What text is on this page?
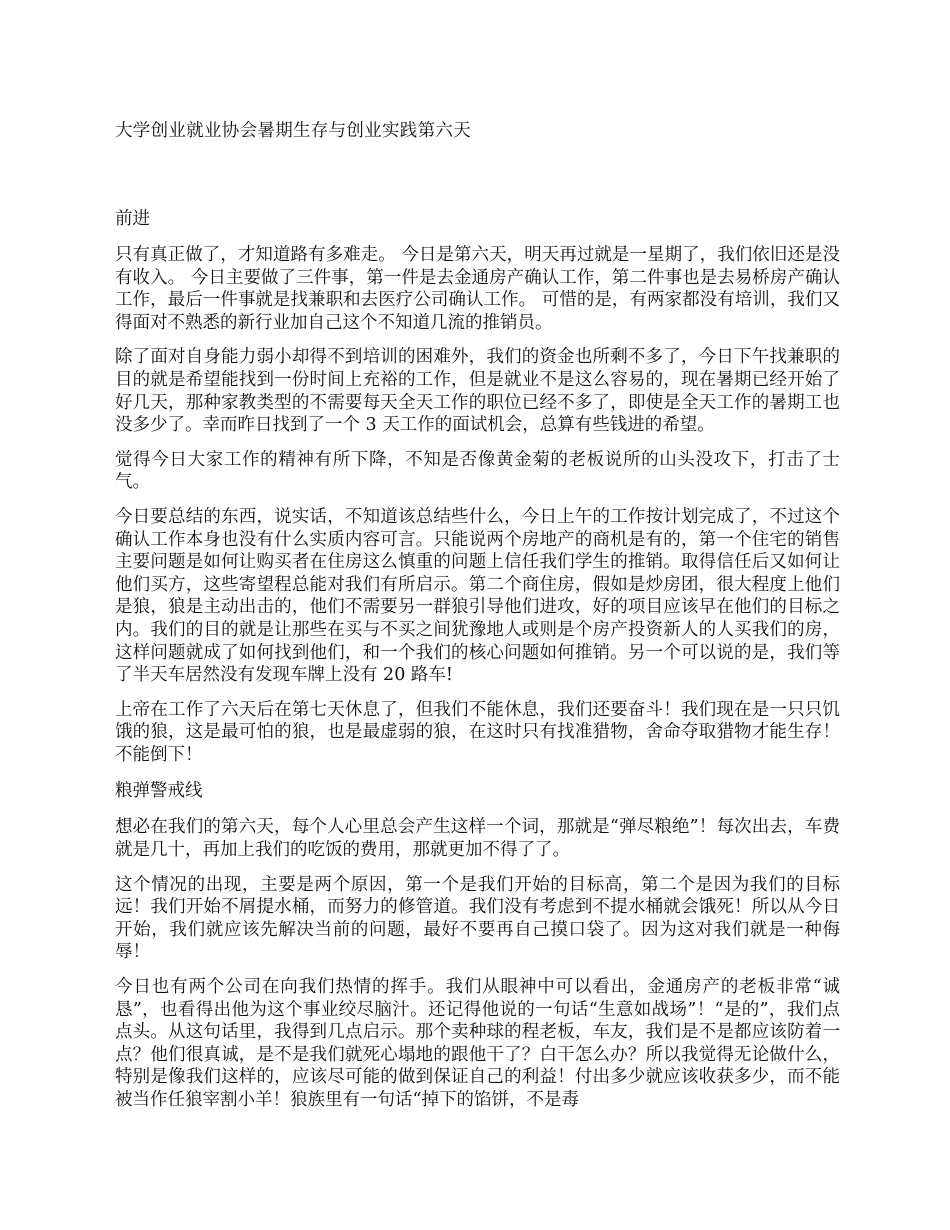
大学创业就业协会暑期生存与创业实践第六天
前进

只有真正做了，才知道路有多难走。 今日是第六天，明天再过就是一星期了，我们依旧还是没有收入。 今日主要做了三件事，第一件是去金通房产确认工作，第二件事也是去易桥房产确认工作，最后一件事就是找兼职和去医疗公司确认工作。 可惜的是，有两家都没有培训，我们又得面对不熟悉的新行业加自己这个不知道几流的推销员。

除了面对自身能力弱小却得不到培训的困难外，我们的资金也所剩不多了，今日下午找兼职的目的就是希望能找到一份时间上充裕的工作，但是就业不是这么容易的，现在暑期已经开始了好几天，那种家教类型的不需要每天全天工作的职位已经不多了，即使是全天工作的暑期工也没多少了。幸而昨日找到了一个 3 天工作的面试机会，总算有些钱进的希望。

觉得今日大家工作的精神有所下降，不知是否像黄金菊的老板说所的山头没攻下，打击了士气。

今日要总结的东西，说实话，不知道该总结些什么，今日上午的工作按计划完成了，不过这个确认工作本身也没有什么实质内容可言。只能说两个房地产的商机是有的，第一个住宅的销售主要问题是如何让购买者在住房这么慎重的问题上信任我们学生的推销。取得信任后又如何让他们买方，这些寄望程总能对我们有所启示。第二个商住房，假如是炒房团，很大程度上他们是狼，狼是主动出击的，他们不需要另一群狼引导他们进攻，好的项目应该早在他们的目标之内。我们的目的就是让那些在买与不买之间犹豫地人或则是个房产投资新人的人买我们的房，这样问题就成了如何找到他们，和一个我们的核心问题如何推销。另一个可以说的是，我们等了半天车居然没有发现车牌上没有 20 路车!

上帝在工作了六天后在第七天休息了，但我们不能休息，我们还要奋斗！我们现在是一只只饥饿的狼，这是最可怕的狼，也是最虚弱的狼，在这时只有找准猎物，舍命夺取猎物才能生存！不能倒下！

粮弹警戒线

想必在我们的第六天，每个人心里总会产生这样一个词，那就是“弹尽粮绝”！每次出去，车费就是几十，再加上我们的吃饭的费用，那就更加不得了了。

这个情况的出现，主要是两个原因，第一个是我们开始的目标高，第二个是因为我们的目标远！我们开始不屑提水桶，而努力的修管道。我们没有考虑到不提水桶就会饿死！所以从今日开始，我们就应该先解决当前的问题，最好不要再自己摸口袋了。因为这对我们就是一种侮辱！

今日也有两个公司在向我们热情的挥手。我们从眼神中可以看出，金通房产的老板非常“诚恳”，也看得出他为这个事业绞尽脑汁。还记得他说的一句话“生意如战场”！“是的”，我们点点头。从这句话里，我得到几点启示。那个卖种球的程老板，车友，我们是不是都应该防着一点？他们很真诚，是不是我们就死心塌地的跟他干了？白干怎么办？所以我觉得无论做什么，特别是像我们这样的，应该尽可能的做到保证自己的利益！付出多少就应该收获多少，而不能被当作任狼宰割小羊！狼族里有一句话“掉下的馅饼，不是毒
